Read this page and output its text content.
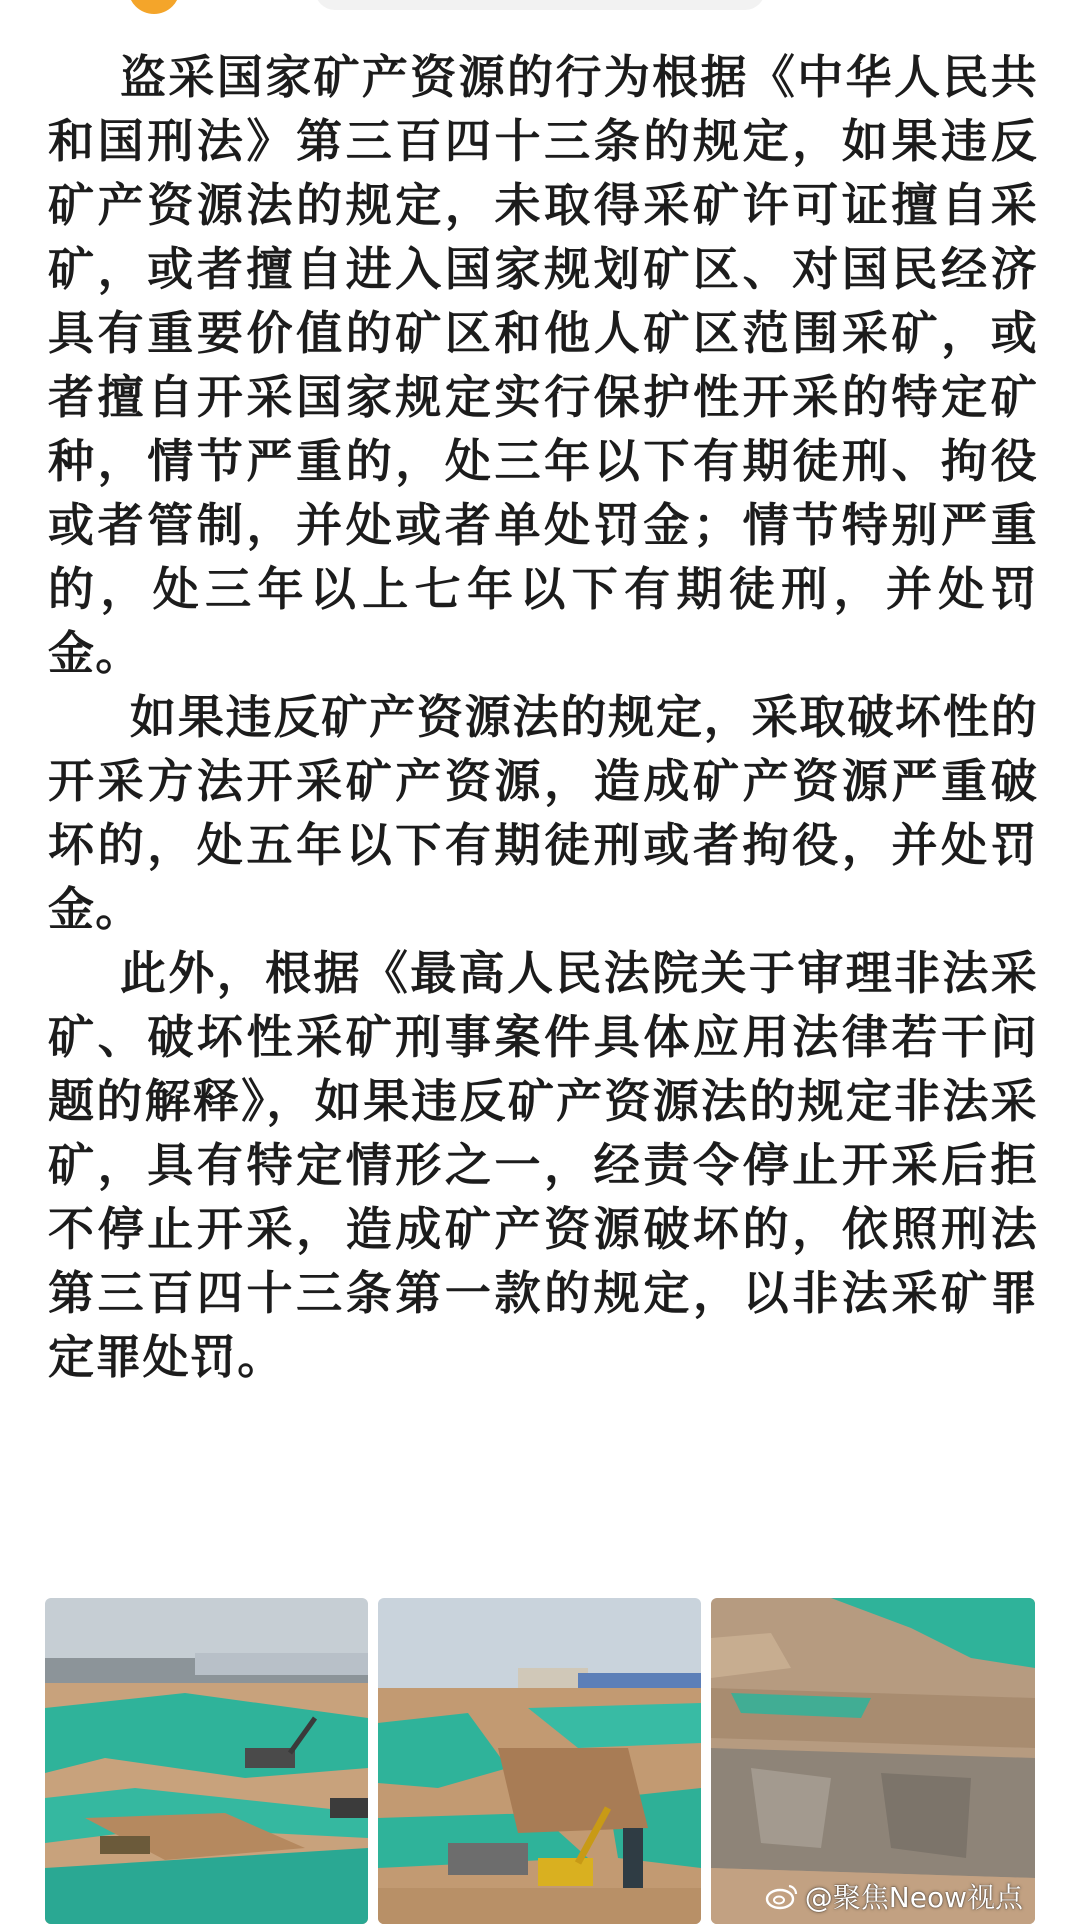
盗采国家矿产资源的行为根据《中华人民共和国刑法》第三百四十三条的规定，如果违反矿产资源法的规定，未取得采矿许可证擅自采矿，或者擅自进入国家规划矿区、对国民经济具有重要价值的矿区和他人矿区范围采矿，或者擅自开采国家规定实行保护性开采的特定矿种，情节严重的，处三年以下有期徒刑、拘役或者管制，并处或者单处罚金；情节特别严重的，处三年以上七年以下有期徒刑，并处罚金。

如果违反矿产资源法的规定，采取破坏性的开采方法开采矿产资源，造成矿产资源严重破坏的，处五年以下有期徒刑或者拘役，并处罚金。

此外，根据《最高人民法院关于审理非法采矿、破坏性采矿刑事案件具体应用法律若干问题的解释》，如果违反矿产资源法的规定非法采矿，具有特定情形之一，经责令停止开采后拒不停止开采，造成矿产资源破坏的，依照刑法第三百四十三条第一款的规定，以非法采矿罪定罪处罚。

@聚焦Neow视点
